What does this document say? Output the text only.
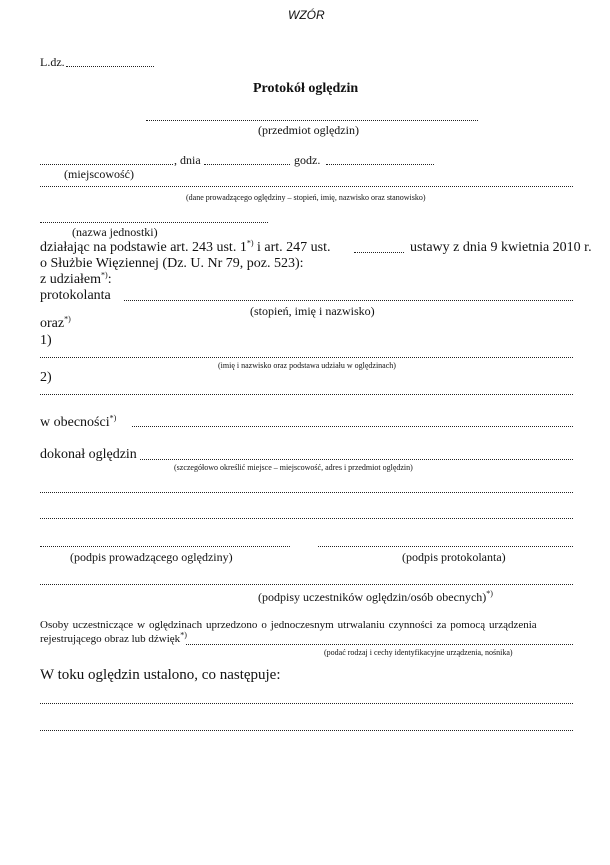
WZÓR
L.dz.
Protokół oględzin
(przedmiot oględzin)
, dnia	godz.
(miejscowość)
(dane prowadzącego oględziny – stopień, imię, nazwisko oraz stanowisko)
(nazwa jednostki)
działając na podstawie art. 243 ust. 1*) i art. 247 ust.	ustawy z dnia 9 kwietnia 2010 r.
o Służbie Więziennej (Dz. U. Nr 79, poz. 523):
z udziałem*):
protokolanta
(stopień, imię i nazwisko)
oraz*)
1)
(imię i nazwisko oraz podstawa udziału w oględzinach)
2)
w obecności*)
dokonał oględzin
(szczegółowo określić miejsce – miejscowość, adres i przedmiot oględzin)
(podpis prowadzącego oględziny)	(podpis protokolanta)
(podpisy uczestników oględzin/osób obecnych)*)
Osoby uczestniczące w oględzinach uprzedzono o jednoczesnym utrwalaniu czynności za pomocą urządzenia
rejestrującego obraz lub dźwięk*)
(podać rodzaj i cechy identyfikacyjne urządzenia, nośnika)
W toku oględzin ustalono, co następuje:
